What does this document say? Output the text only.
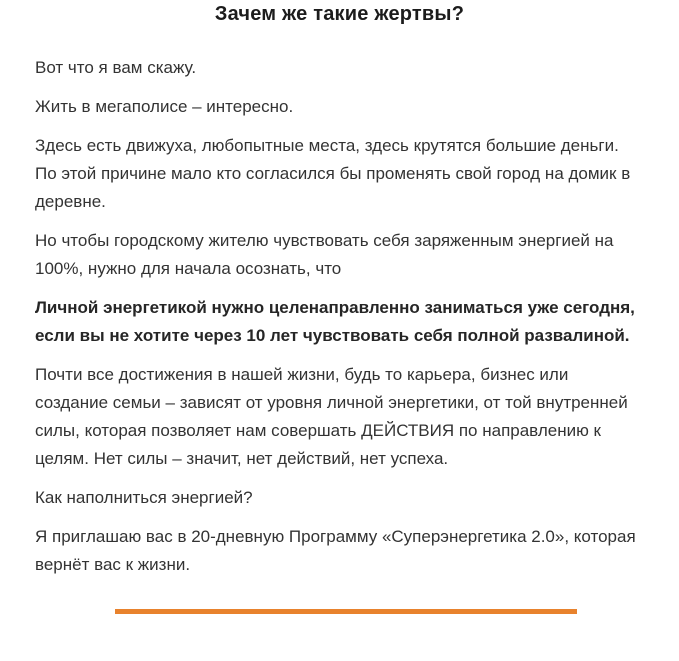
Зачем же такие жертвы?

Вот что я вам скажу.

Жить в мегаполисе – интересно.

Здесь есть движуха, любопытные места, здесь крутятся большие деньги. По этой причине мало кто согласился бы променять свой город на домик в деревне.

Но чтобы городскому жителю чувствовать себя заряженным энергией на 100%, нужно для начала осознать, что

Личной энергетикой нужно целенаправленно заниматься уже сегодня, если вы не хотите через 10 лет чувствовать себя полной развалиной.

Почти все достижения в нашей жизни, будь то карьера, бизнес или создание семьи – зависят от уровня личной энергетики, от той внутренней силы, которая позволяет нам совершать ДЕЙСТВИЯ по направлению к целям. Нет силы – значит, нет действий, нет успеха.

Как наполниться энергией?

Я приглашаю вас в 20-дневную Программу «Суперэнергетика 2.0», которая вернёт вас к жизни.
